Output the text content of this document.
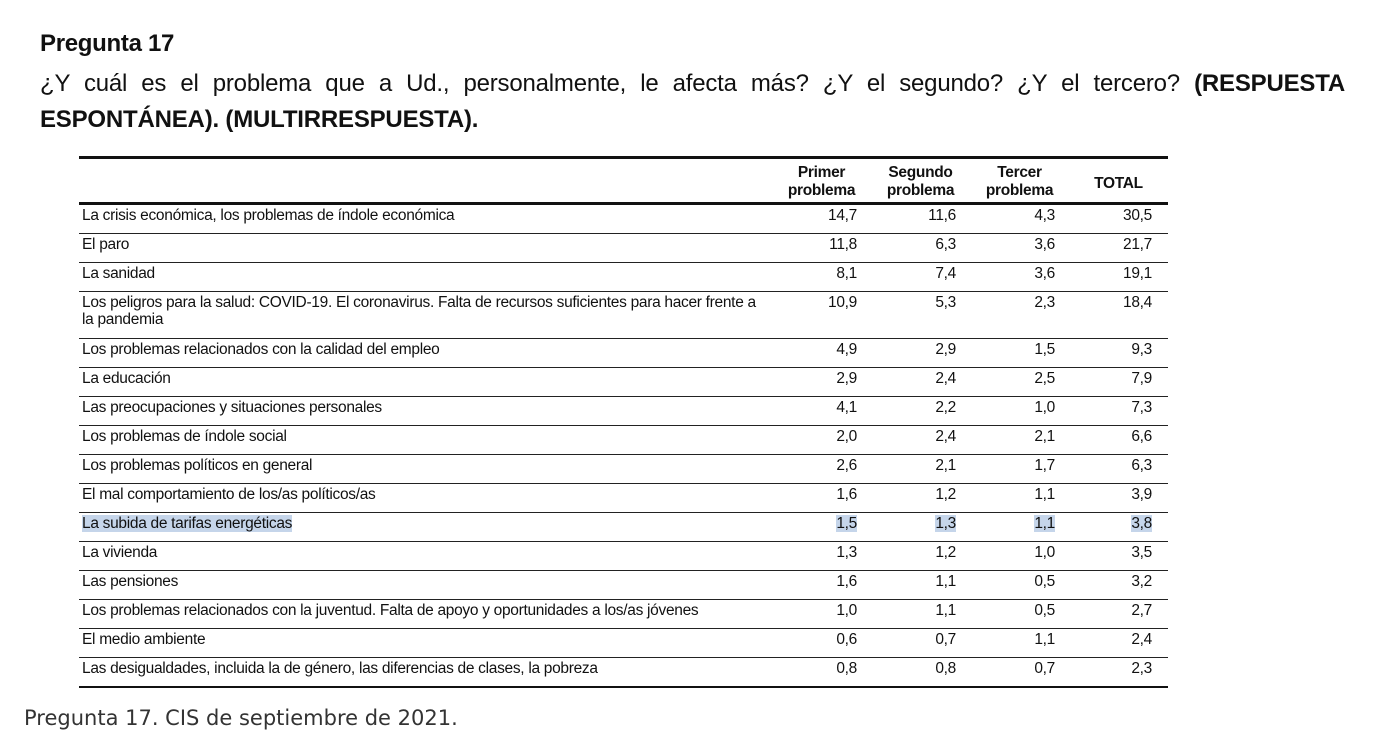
Pregunta 17
¿Y cuál es el problema que a Ud., personalmente, le afecta más? ¿Y el segundo? ¿Y el tercero? (RESPUESTA ESPONTÁNEA). (MULTIRRESPUESTA).
	Primer problema	Segundo problema	Tercer problema	TOTAL
La crisis económica, los problemas de índole económica	14,7	11,6	4,3	30,5
El paro	11,8	6,3	3,6	21,7
La sanidad	8,1	7,4	3,6	19,1
Los peligros para la salud: COVID-19. El coronavirus. Falta de recursos suficientes para hacer frente a la pandemia	10,9	5,3	2,3	18,4
Los problemas relacionados con la calidad del empleo	4,9	2,9	1,5	9,3
La educación	2,9	2,4	2,5	7,9
Las preocupaciones y situaciones personales	4,1	2,2	1,0	7,3
Los problemas de índole social	2,0	2,4	2,1	6,6
Los problemas políticos en general	2,6	2,1	1,7	6,3
El mal comportamiento de los/as políticos/as	1,6	1,2	1,1	3,9
La subida de tarifas energéticas	1,5	1,3	1,1	3,8
La vivienda	1,3	1,2	1,0	3,5
Las pensiones	1,6	1,1	0,5	3,2
Los problemas relacionados con la juventud. Falta de apoyo y oportunidades a los/as jóvenes	1,0	1,1	0,5	2,7
El medio ambiente	0,6	0,7	1,1	2,4
Las desigualdades, incluida la de género, las diferencias de clases, la pobreza	0,8	0,8	0,7	2,3
Pregunta 17. CIS de septiembre de 2021.
